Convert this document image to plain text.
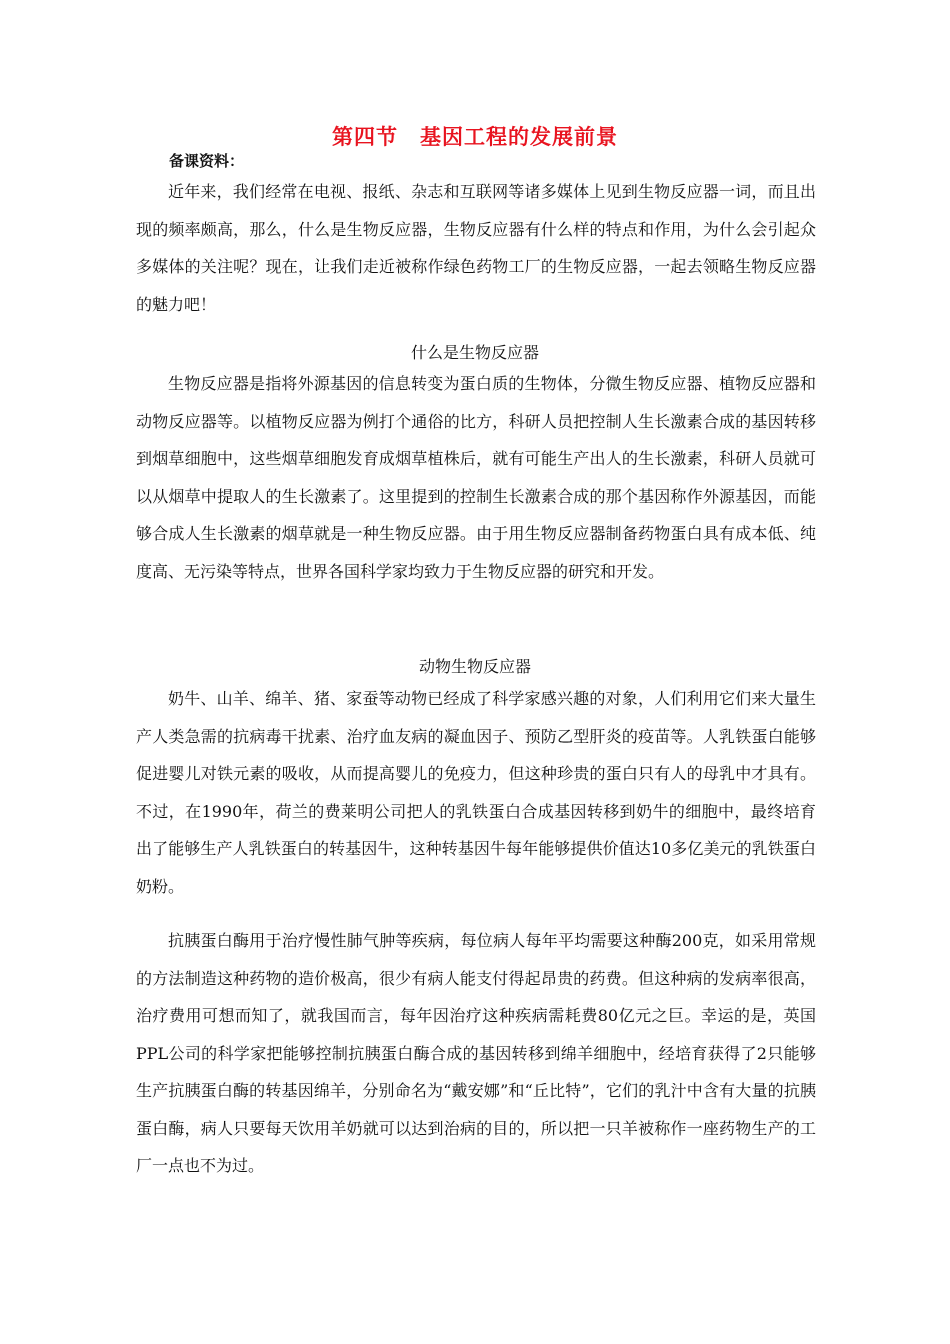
第四节　基因工程的发展前景
备课资料：

近年来，我们经常在电视、报纸、杂志和互联网等诸多媒体上见到生物反应器一词，而且出现的频率颇高，那么，什么是生物反应器，生物反应器有什么样的特点和作用，为什么会引起众多媒体的关注呢？现在，让我们走近被称作绿色药物工厂的生物反应器，一起去领略生物反应器的魅力吧！

什么是生物反应器

生物反应器是指将外源基因的信息转变为蛋白质的生物体，分微生物反应器、植物反应器和动物反应器等。以植物反应器为例打个通俗的比方，科研人员把控制人生长激素合成的基因转移到烟草细胞中，这些烟草细胞发育成烟草植株后，就有可能生产出人的生长激素，科研人员就可以从烟草中提取人的生长激素了。这里提到的控制生长激素合成的那个基因称作外源基因，而能够合成人生长激素的烟草就是一种生物反应器。由于用生物反应器制备药物蛋白具有成本低、纯度高、无污染等特点，世界各国科学家均致力于生物反应器的研究和开发。

动物生物反应器

奶牛、山羊、绵羊、猪、家蚕等动物已经成了科学家感兴趣的对象，人们利用它们来大量生产人类急需的抗病毒干扰素、治疗血友病的凝血因子、预防乙型肝炎的疫苗等。人乳铁蛋白能够促进婴儿对铁元素的吸收，从而提高婴儿的免疫力，但这种珍贵的蛋白只有人的母乳中才具有。不过，在1990年，荷兰的费莱明公司把人的乳铁蛋白合成基因转移到奶牛的细胞中，最终培育出了能够生产人乳铁蛋白的转基因牛，这种转基因牛每年能够提供价值达10多亿美元的乳铁蛋白奶粉。

抗胰蛋白酶用于治疗慢性肺气肿等疾病，每位病人每年平均需要这种酶200克，如采用常规的方法制造这种药物的造价极高，很少有病人能支付得起昂贵的药费。但这种病的发病率很高，治疗费用可想而知了，就我国而言，每年因治疗这种疾病需耗费80亿元之巨。幸运的是，英国PPL公司的科学家把能够控制抗胰蛋白酶合成的基因转移到绵羊细胞中，经培育获得了2只能够生产抗胰蛋白酶的转基因绵羊，分别命名为“戴安娜”和“丘比特”，它们的乳汁中含有大量的抗胰蛋白酶，病人只要每天饮用羊奶就可以达到治病的目的，所以把一只羊被称作一座药物生产的工厂一点也不为过。
